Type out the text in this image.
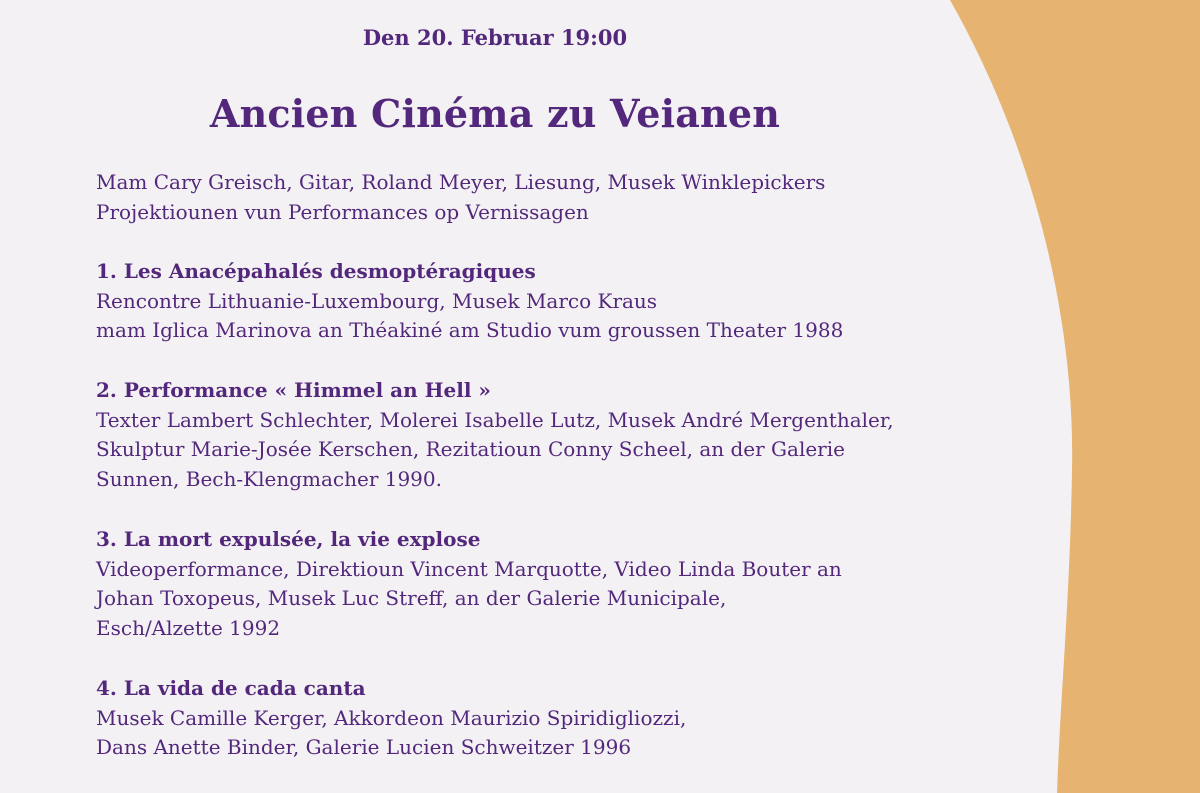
Den 20. Februar 19:00
Ancien Cinéma zu Veianen
Mam Cary Greisch, Gitar, Roland Meyer, Liesung, Musek Winklepickers
Projektiounen vun Performances op Vernissagen
1. Les Anacépahalés desmoptéragiques
Rencontre Lithuanie-Luxembourg, Musek Marco Kraus
mam Iglica Marinova an Théakiné am Studio vum groussen Theater 1988
2. Performance « Himmel an Hell »
Texter Lambert Schlechter, Molerei Isabelle Lutz, Musek André Mergenthaler,
Skulptur Marie-Josée Kerschen, Rezitatioun Conny Scheel, an der Galerie
Sunnen, Bech-Klengmacher 1990.
3. La mort expulsée, la vie explose
Videoperformance, Direktioun Vincent Marquotte, Video Linda Bouter an
Johan Toxopeus, Musek Luc Streff, an der Galerie Municipale,
Esch/Alzette 1992
4. La vida de cada canta
Musek Camille Kerger, Akkordeon Maurizio Spiridigliozzi,
Dans Anette Binder, Galerie Lucien Schweitzer 1996
